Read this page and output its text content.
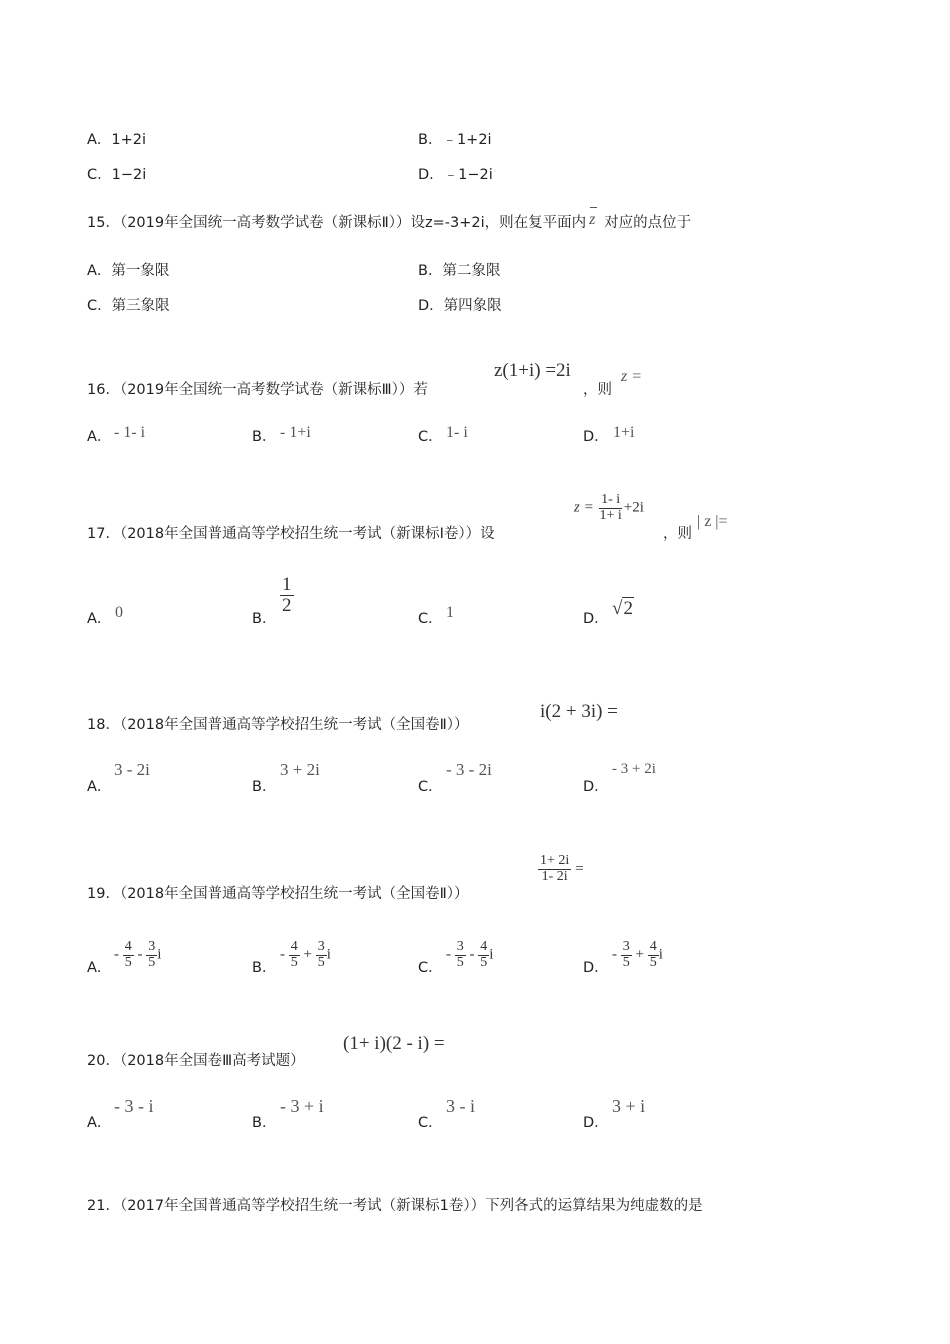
A．1+2i	B．﹣1+2i
C．1−2i	D．﹣1−2i
15．（2019年全国统一高考数学试卷（新课标Ⅱ））设z=-3+2i，则在复平面内 z 对应的点位于
A．第一象限	B．第二象限
C．第三象限	D．第四象限
16．（2019年全国统一高考数学试卷（新课标Ⅲ））若
z(1+i) =2i
，则
z =
A． - 1- i	B． - 1+i	C． 1- i	D． 1+i
17．（2018年全国普通高等学校招生统一考试（新课标I卷））设
$z = \frac{1- i}{1+ i} +2i$
，则
| z |=
A． 0	B．
$\frac{1}{2}$
C． 1	D． √2
18．（2018年全国普通高等学校招生统一考试（全国卷Ⅱ））
i(2 + 3i) =
A．
3 - 2i
B．
3 + 2i
C．
- 3 - 2i
D．
- 3 + 2i
19．（2018年全国普通高等学校招生统一考试（全国卷Ⅱ））
$\frac{1+ 2i}{1- 2i}$ =
A．
- $\frac{4}{5} - \frac{3}{5}$ i
B．
- $\frac{4}{5} + \frac{3}{5}$ i
C．
- $\frac{3}{5} - \frac{4}{5}$ i
D．
- $\frac{3}{5} + \frac{4}{5}$ i
20．（2018年全国卷Ⅲ高考试题）
(1+ i)(2 - i) =
A．
- 3 - i
B．
- 3 + i
C．
3 - i
D．
3 + i
21．（2017年全国普通高等学校招生统一考试（新课标1卷））下列各式的运算结果为纯虚数的是
